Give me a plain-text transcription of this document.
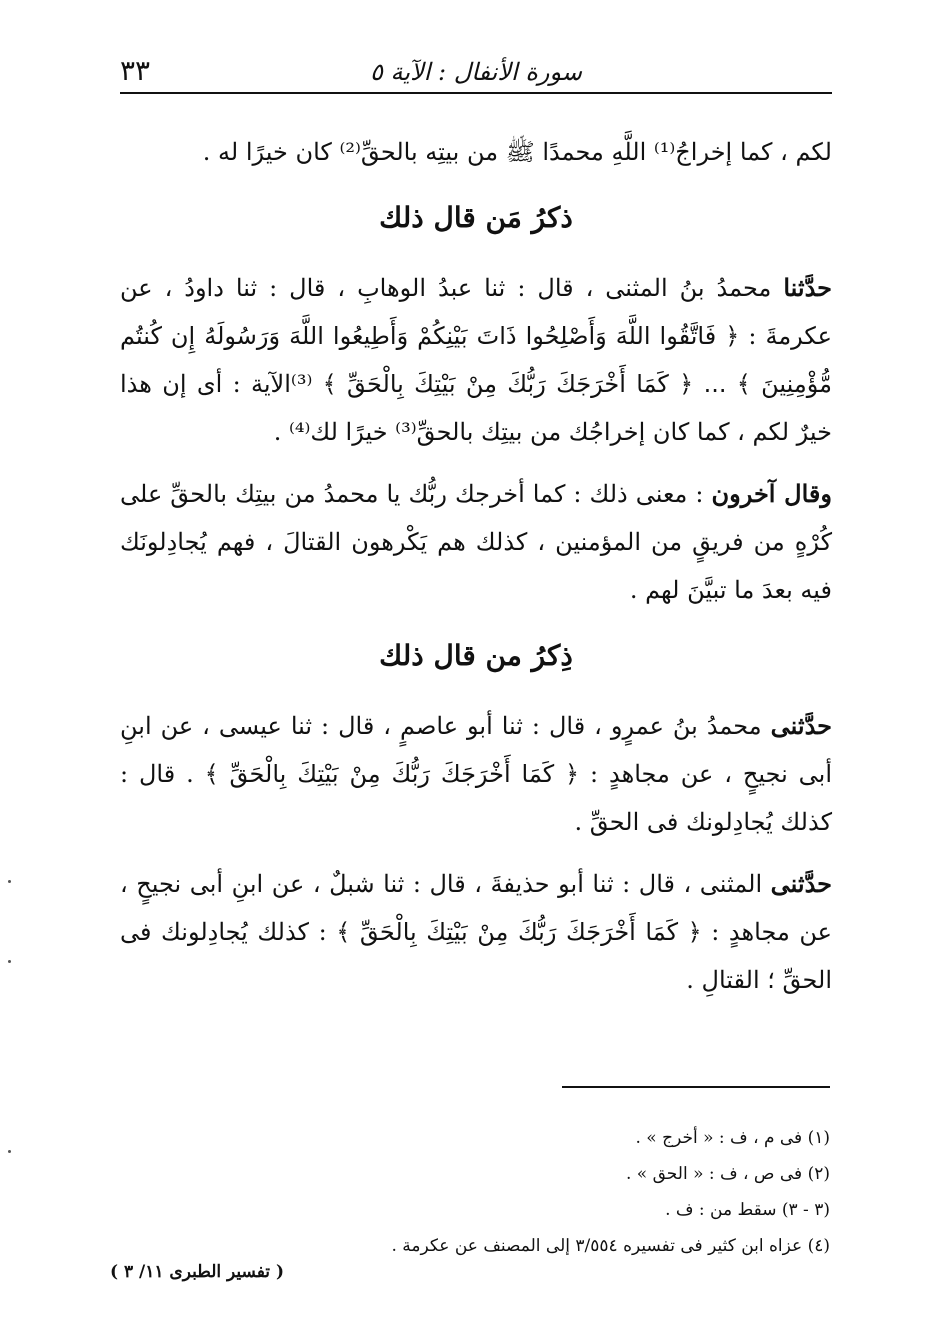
٣٣	سورة الأنفال : الآية ٥

لكم ، كما إخراجُ⁽¹⁾ اللَّهِ محمدًا ﷺ من بيتِه بالحقِّ⁽²⁾ كان خيرًا له .

ذكرُ مَن قال ذلك

حدَّثنا محمدُ بنُ المثنى ، قال : ثنا عبدُ الوهابِ ، قال : ثنا داودُ ، عن عكرمةَ : ﴿ فَاتَّقُوا اللَّهَ وَأَصْلِحُوا ذَاتَ بَيْنِكُمْ وَأَطِيعُوا اللَّهَ وَرَسُولَهُ إِن كُنتُم مُّؤْمِنِينَ ﴾ ... ﴿ كَمَا أَخْرَجَكَ رَبُّكَ مِنْ بَيْتِكَ بِالْحَقِّ ﴾ ⁽³⁾الآية : أى إن هذا خيرٌ لكم ، كما كان إخراجُك من بيتِك بالحقِّ⁽³⁾ خيرًا لك⁽⁴⁾ .

وقال آخرون : معنى ذلك : كما أخرجك ربُّك يا محمدُ من بيتِك بالحقِّ على كُرْهٍ من فريقٍ من المؤمنين ، كذلك هم يَكْرهون القتالَ ، فهم يُجادِلونَك فيه بعدَ ما تبيَّنَ لهم .

ذِكرُ من قال ذلك

حدَّثنى محمدُ بنُ عمرٍو ، قال : ثنا أبو عاصمٍ ، قال : ثنا عيسى ، عن ابنِ أبى نجيحٍ ، عن مجاهدٍ : ﴿ كَمَا أَخْرَجَكَ رَبُّكَ مِنْ بَيْتِكَ بِالْحَقِّ ﴾ . قال : كذلك يُجادِلونك فى الحقِّ .

حدَّثنى المثنى ، قال : ثنا أبو حذيفةَ ، قال : ثنا شبلٌ ، عن ابنِ أبى نجيحٍ ، عن مجاهدٍ : ﴿ كَمَا أَخْرَجَكَ رَبُّكَ مِنْ بَيْتِكَ بِالْحَقِّ ﴾ : كذلك يُجادِلونك فى الحقِّ ؛ القتالِ .

(١) فى م ، ف : « أخرج » .
(٢) فى ص ، ف : « الحق » .
(٣ - ٣) سقط من : ف .
(٤) عزاه ابن كثير فى تفسيره ٣/٥٥٤ إلى المصنف عن عكرمة .
( تفسير الطبرى ١١/ ٣ )
